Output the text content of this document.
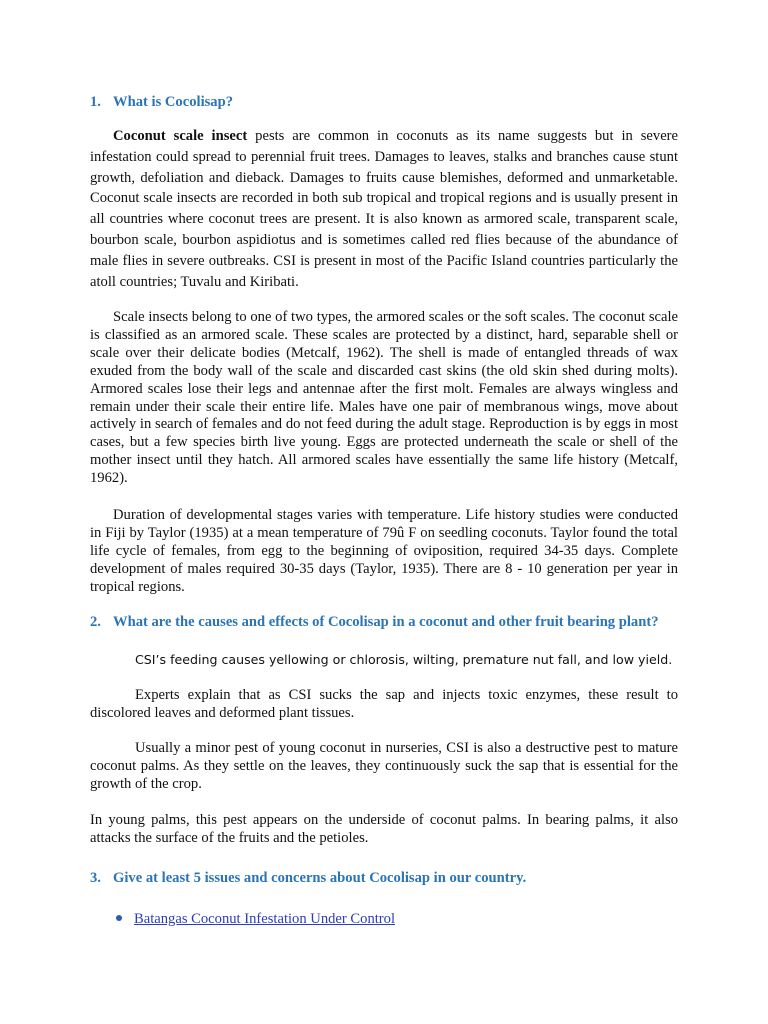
1. What is Cocolisap?

Coconut scale insect pests are common in coconuts as its name suggests but in severe infestation could spread to perennial fruit trees. Damages to leaves, stalks and branches cause stunt growth, defoliation and dieback. Damages to fruits cause blemishes, deformed and unmarketable. Coconut scale insects are recorded in both sub tropical and tropical regions and is usually present in all countries where coconut trees are present. It is also known as armored scale, transparent scale, bourbon scale, bourbon aspidiotus and is sometimes called red flies because of the abundance of male flies in severe outbreaks. CSI is present in most of the Pacific Island countries particularly the atoll countries; Tuvalu and Kiribati.

Scale insects belong to one of two types, the armored scales or the soft scales. The coconut scale is classified as an armored scale. These scales are protected by a distinct, hard, separable shell or scale over their delicate bodies (Metcalf, 1962). The shell is made of entangled threads of wax exuded from the body wall of the scale and discarded cast skins (the old skin shed during molts). Armored scales lose their legs and antennae after the first molt. Females are always wingless and remain under their scale their entire life. Males have one pair of membranous wings, move about actively in search of females and do not feed during the adult stage. Reproduction is by eggs in most cases, but a few species birth live young. Eggs are protected underneath the scale or shell of the mother insect until they hatch. All armored scales have essentially the same life history (Metcalf, 1962).

Duration of developmental stages varies with temperature. Life history studies were conducted in Fiji by Taylor (1935) at a mean temperature of 79û F on seedling coconuts. Taylor found the total life cycle of females, from egg to the beginning of oviposition, required 34-35 days. Complete development of males required 30-35 days (Taylor, 1935). There are 8 - 10 generation per year in tropical regions.

2. What are the causes and effects of Cocolisap in a coconut and other fruit bearing plant?

CSI’s feeding causes yellowing or chlorosis, wilting, premature nut fall, and low yield.

Experts explain that as CSI sucks the sap and injects toxic enzymes, these result to discolored leaves and deformed plant tissues.

Usually a minor pest of young coconut in nurseries, CSI is also a destructive pest to mature coconut palms. As they settle on the leaves, they continuously suck the sap that is essential for the growth of the crop.

In young palms, this pest appears on the underside of coconut palms. In bearing palms, it also attacks the surface of the fruits and the petioles.

3. Give at least 5 issues and concerns about Cocolisap in our country.
Batangas Coconut Infestation Under Control
